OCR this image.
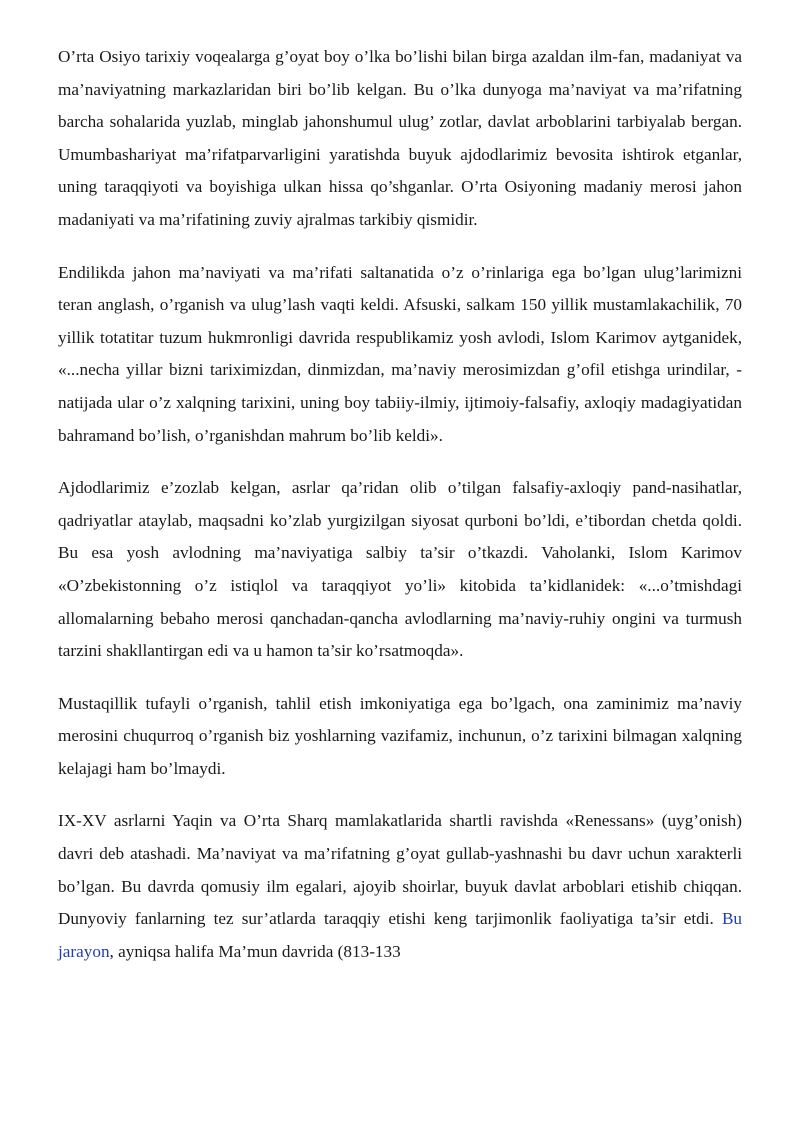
O’rta Osiyo tarixiy voqealarga g’oyat boy o’lka bo’lishi bilan birga azaldan ilm-fan, madaniyat va ma’naviyatning markazlaridan biri bo’lib kelgan. Bu o’lka dunyoga ma’naviyat va ma’rifatning barcha sohalarida yuzlab, minglab jahonshumul ulug’ zotlar, davlat arboblarini tarbiyalab bergan. Umumbashariyat ma’rifatparvarligini yaratishda buyuk ajdodlarimiz bevosita ishtirok etganlar, uning taraqqiyoti va boyishiga ulkan hissa qo’shganlar. O’rta Osiyoning madaniy merosi jahon madaniyati va ma’rifatining zuviy ajralmas tarkibiy qismidir.

Endilikda jahon ma’naviyati va ma’rifati saltanatida o’z o’rinlariga ega bo’lgan ulug’larimizni teran anglash, o’rganish va ulug’lash vaqti keldi. Afsuski, salkam 150 yillik mustamlakachilik, 70 yillik totatitar tuzum hukmronligi davrida respublikamiz yosh avlodi, Islom Karimov aytganidek, «...necha yillar bizni tariximizdan, dinmizdan, ma’naviy merosimizdan g’ofil etishga urindilar, - natijada ular o’z xalqning tarixini, uning boy tabiiy-ilmiy, ijtimoiy-falsafiy, axloqiy madagiyatidan bahramand bo’lish, o’rganishdan mahrum bo’lib keldi».

Ajdodlarimiz e’zozlab kelgan, asrlar qa’ridan olib o’tilgan falsafiy-axloqiy pand-nasihatlar, qadriyatlar ataylab, maqsadni ko’zlab yurgizilgan siyosat qurboni bo’ldi, e’tibordan chetda qoldi. Bu esa yosh avlodning ma’naviyatiga salbiy ta’sir o’tkazdi. Vaholanki, Islom Karimov «O’zbekistonning o’z istiqlol va taraqqiyot yo’li» kitobida ta’kidlanidek: «...o’tmishdagi allomalarning bebaho merosi qanchadan-qancha avlodlarning ma’naviy-ruhiy ongini va turmush tarzini shakllantirgan edi va u hamon ta’sir ko’rsatmoqda».

Mustaqillik tufayli o’rganish, tahlil etish imkoniyatiga ega bo’lgach, ona zaminimiz ma’naviy merosini chuqurroq o’rganish biz yoshlarning vazifamiz, inchunun, o’z tarixini bilmagan xalqning kelajagi ham bo’lmaydi.

IX-XV asrlarni Yaqin va O’rta Sharq mamlakatlarida shartli ravishda «Renessans» (uyg’onish) davri deb atashadi. Ma’naviyat va ma’rifatning g’oyat gullab-yashnashi bu davr uchun xarakterli bo’lgan. Bu davrda qomusiy ilm egalari, ajoyib shoirlar, buyuk davlat arboblari etishib chiqqan. Dunyoviy fanlarning tez sur’atlarda taraqqiy etishi keng tarjimonlik faoliyatiga ta’sir etdi. Bu jarayon, ayniqsa halifa Ma’mun davrida (813-133
